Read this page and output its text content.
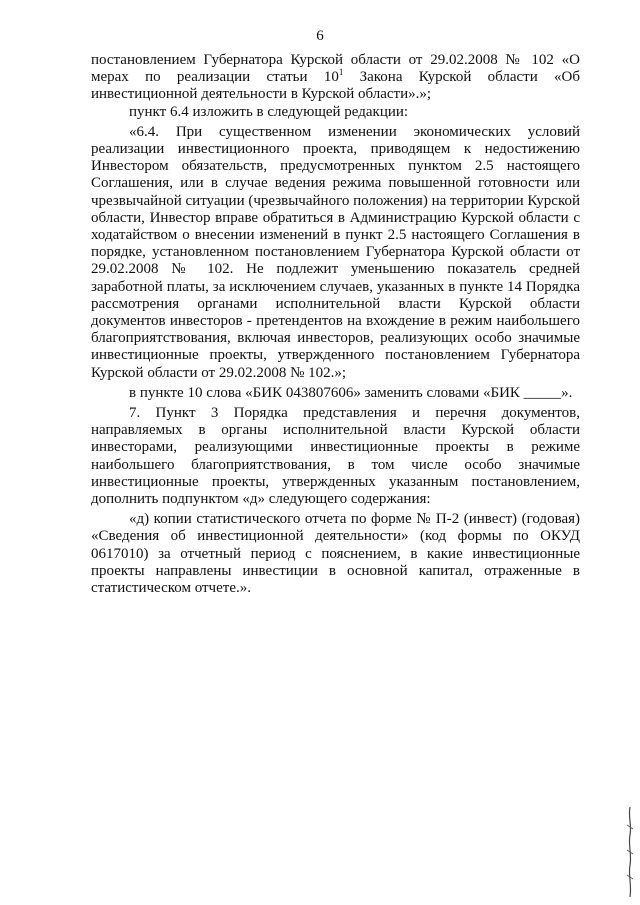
6

постановлением Губернатора Курской области от 29.02.2008 № 102 «О мерах по реализации статьи $10^1$ Закона Курской области «Об инвестиционной деятельности в Курской области».»;

пункт 6.4 изложить в следующей редакции:

«6.4. При существенном изменении экономических условий реализации инвестиционного проекта, приводящем к недостижению Инвестором обязательств, предусмотренных пунктом 2.5 настоящего Соглашения, или в случае ведения режима повышенной готовности или чрезвычайной ситуации (чрезвычайного положения) на территории Курской области, Инвестор вправе обратиться в Администрацию Курской области с ходатайством о внесении изменений в пункт 2.5 настоящего Соглашения в порядке, установленном постановлением Губернатора Курской области от 29.02.2008 № 102. Не подлежит уменьшению показатель средней заработной платы, за исключением случаев, указанных в пункте 14 Порядка рассмотрения органами исполнительной власти Курской области документов инвесторов - претендентов на вхождение в режим наибольшего благоприятствования, включая инвесторов, реализующих особо значимые инвестиционные проекты, утвержденного постановлением Губернатора Курской области от 29.02.2008 № 102.»;

в пункте 10 слова «БИК 043807606» заменить словами «БИК _____».

7. Пункт 3 Порядка представления и перечня документов, направляемых в органы исполнительной власти Курской области инвесторами, реализующими инвестиционные проекты в режиме наибольшего благоприятствования, в том числе особо значимые инвестиционные проекты, утвержденных указанным постановлением, дополнить подпунктом «д» следующего содержания:

«д) копии статистического отчета по форме № П-2 (инвест) (годовая) «Сведения об инвестиционной деятельности» (код формы по ОКУД 0617010) за отчетный период с пояснением, в какие инвестиционные проекты направлены инвестиции в основной капитал, отраженные в статистическом отчете.».
